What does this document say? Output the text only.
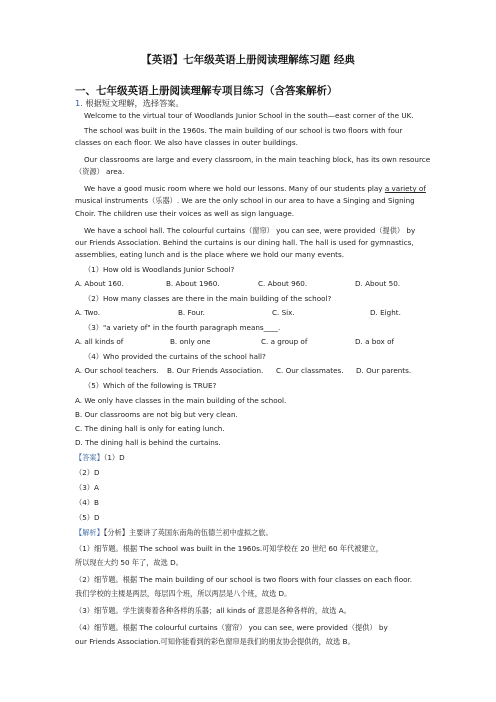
【英语】七年级英语上册阅读理解练习题 经典
一、七年级英语上册阅读理解专项目练习（含答案解析）
1. 根据短文理解，选择答案。
Welcome to the virtual tour of Woodlands Junior School in the south—east corner of the UK.
The school was built in the 1960s. The main building of our school is two floors with four
classes on each floor. We also have classes in outer buildings.
Our classrooms are large and every classroom, in the main teaching block, has its own resource
（资源） area.
We have a good music room where we hold our lessons. Many of our students play a variety of
musical instruments（乐器）. We are the only school in our area to have a Singing and Signing
Choir. The children use their voices as well as sign language.
We have a school hall. The colourful curtains（窗帘） you can see, were provided（提供） by
our Friends Association. Behind the curtains is our dining hall. The hall is used for gymnastics,
assemblies, eating lunch and is the place where we hold our many events.
（1）How old is Woodlands Junior School?
A. About 160.	B. About 1960.	C. About 960.	D. About 50.
（2）How many classes are there in the main building of the school?
A. Two.	B. Four.	C. Six.	D. Eight.
（3）"a variety of" in the fourth paragraph means____.
A. all kinds of	B. only one	C. a group of	D. a box of
（4）Who provided the curtains of the school hall?
A. Our school teachers. B. Our Friends Association. C. Our classmates. D. Our parents.
（5）Which of the following is TRUE?
A. We only have classes in the main building of the school.
B. Our classrooms are not big but very clean.
C. The dining hall is only for eating lunch.
D. The dining hall is behind the curtains.
【答案】（1）D
（2）D
（3）A
（4）B
（5）D
【解析】【分析】主要讲了英国东南角的伍德兰初中虚拟之旅。
（1）细节题。根据 The school was built in the 1960s.可知学校在 20 世纪 60 年代被建立，
所以现在大约 50 年了，故选 D。
（2）细节题。根据 The main building of our school is two floors with four classes on each floor.
我们学校的主楼是两层，每层四个班，所以两层是八个班，故选 D。
（3）细节题。学生演奏着各种各样的乐器；all kinds of 意思是各种各样的，故选 A。
（4）细节题。根据 The colourful curtains（窗帘） you can see, were provided（提供） by
our Friends Association.可知你能看到的彩色窗帘是我们的朋友协会提供的，故选 B。
